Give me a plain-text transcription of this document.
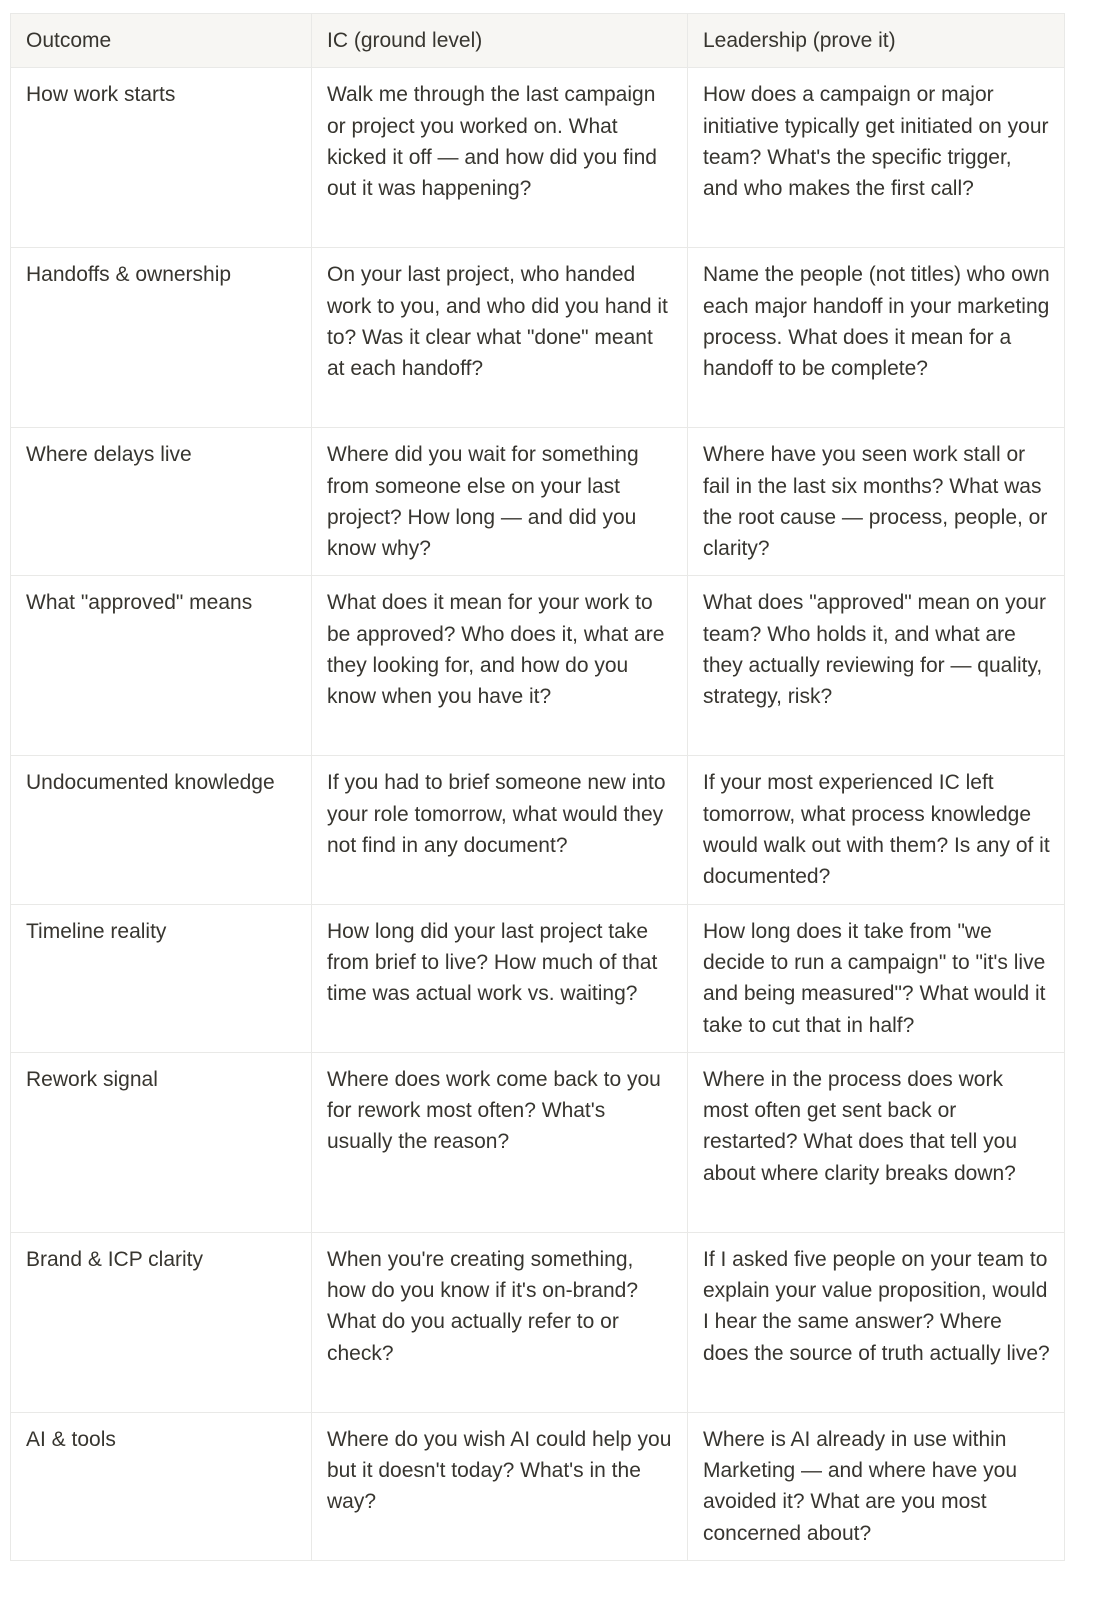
Outcome	IC (ground level)	Leadership (prove it)
How work starts	Walk me through the last campaign or project you worked on. What kicked it off — and how did you find out it was happening?	How does a campaign or major initiative typically get initiated on your team? What's the specific trigger, and who makes the first call?
Handoffs & ownership	On your last project, who handed work to you, and who did you hand it to? Was it clear what "done" meant at each handoff?	Name the people (not titles) who own each major handoff in your marketing process. What does it mean for a handoff to be complete?
Where delays live	Where did you wait for something from someone else on your last project? How long — and did you know why?	Where have you seen work stall or fail in the last six months? What was the root cause — process, people, or clarity?
What "approved" means	What does it mean for your work to be approved? Who does it, what are they looking for, and how do you know when you have it?	What does "approved" mean on your team? Who holds it, and what are they actually reviewing for — quality, strategy, risk?
Undocumented knowledge	If you had to brief someone new into your role tomorrow, what would they not find in any document?	If your most experienced IC left tomorrow, what process knowledge would walk out with them? Is any of it documented?
Timeline reality	How long did your last project take from brief to live? How much of that time was actual work vs. waiting?	How long does it take from "we decide to run a campaign" to "it's live and being measured"? What would it take to cut that in half?
Rework signal	Where does work come back to you for rework most often? What's usually the reason?	Where in the process does work most often get sent back or restarted? What does that tell you about where clarity breaks down?
Brand & ICP clarity	When you're creating something, how do you know if it's on-brand? What do you actually refer to or check?	If I asked five people on your team to explain your value proposition, would I hear the same answer? Where does the source of truth actually live?
AI & tools	Where do you wish AI could help you but it doesn't today? What's in the way?	Where is AI already in use within Marketing — and where have you avoided it? What are you most concerned about?
